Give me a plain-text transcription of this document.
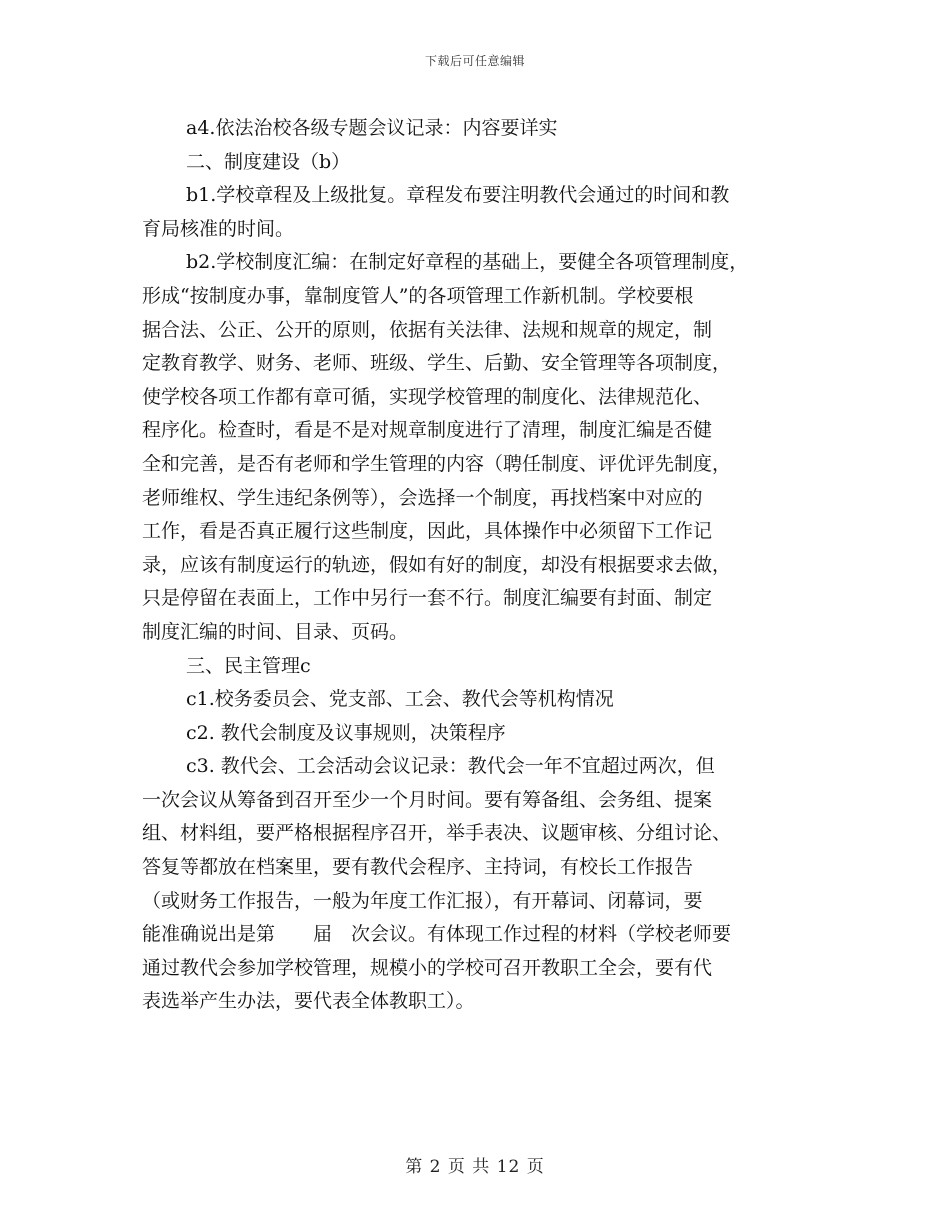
下载后可任意编辑
a4.依法治校各级专题会议记录：内容要详实
二、制度建设（b）
b1.学校章程及上级批复。章程发布要注明教代会通过的时间和教
育局核准的时间。
b2.学校制度汇编：在制定好章程的基础上，要健全各项管理制度，
形成“按制度办事，靠制度管人”的各项管理工作新机制。学校要根
据合法、公正、公开的原则，依据有关法律、法规和规章的规定，制
定教育教学、财务、老师、班级、学生、后勤、安全管理等各项制度，
使学校各项工作都有章可循，实现学校管理的制度化、法律规范化、
程序化。检查时，看是不是对规章制度进行了清理，制度汇编是否健
全和完善，是否有老师和学生管理的内容（聘任制度、评优评先制度，
老师维权、学生违纪条例等），会选择一个制度，再找档案中对应的
工作，看是否真正履行这些制度，因此，具体操作中必须留下工作记
录，应该有制度运行的轨迹，假如有好的制度，却没有根据要求去做，
只是停留在表面上，工作中另行一套不行。制度汇编要有封面、制定
制度汇编的时间、目录、页码。
三、民主管理c
c1.校务委员会、党支部、工会、教代会等机构情况
c2. 教代会制度及议事规则，决策程序
c3. 教代会、工会活动会议记录：教代会一年不宜超过两次，但
一次会议从筹备到召开至少一个月时间。要有筹备组、会务组、提案
组、材料组，要严格根据程序召开，举手表决、议题审核、分组讨论、
答复等都放在档案里，要有教代会程序、主持词，有校长工作报告
（或财务工作报告，一般为年度工作汇报），有开幕词、闭幕词，要
能准确说出是第　　届　次会议。有体现工作过程的材料（学校老师要
通过教代会参加学校管理，规模小的学校可召开教职工全会，要有代
表选举产生办法，要代表全体教职工）。
第 2 页 共 12 页
